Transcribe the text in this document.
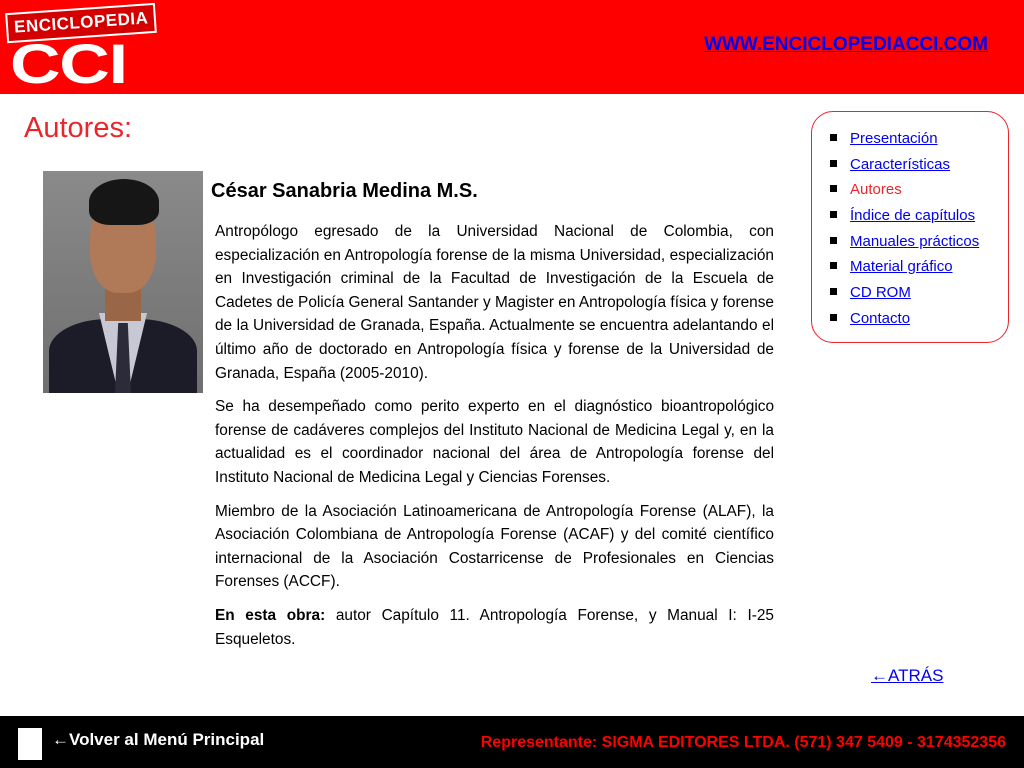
ENCICLOPEDIA
CCI	WWW.ENCICLOPEDIACCI.COM
Autores:
César Sanabria Medina M.S.

Antropólogo egresado de la Universidad Nacional de Colombia, con especialización en Antropología forense de la misma Universidad, especialización en Investigación criminal de la Facultad de Investigación de la Escuela de Cadetes de Policía General Santander y Magister en Antropología física y forense de la Universidad de Granada, España. Actualmente se encuentra adelantando el último año de doctorado en Antropología física y forense de la Universidad de Granada, España (2005-2010).

Se ha desempeñado como perito experto en el diagnóstico bioantropológico forense de cadáveres complejos del Instituto Nacional de Medicina Legal y, en la actualidad es el coordinador nacional del área de Antropología forense del Instituto Nacional de Medicina Legal y Ciencias Forenses.

Miembro de la Asociación Latinoamericana de Antropología Forense (ALAF), la Asociación Colombiana de Antropología Forense (ACAF) y del comité científico internacional de la Asociación Costarricense de Profesionales en Ciencias Forenses (ACCF).

En esta obra: autor Capítulo 11. Antropología Forense, y Manual I: I-25 Esqueletos.

Presentación
Características
Autores
Índice de capítulos
Manuales prácticos
Material gráfico
CD ROM
Contacto
←ATRÁS
←Volver al Menú Principal	Representante: SIGMA EDITORES LTDA. (571) 347 5409 - 3174352356
